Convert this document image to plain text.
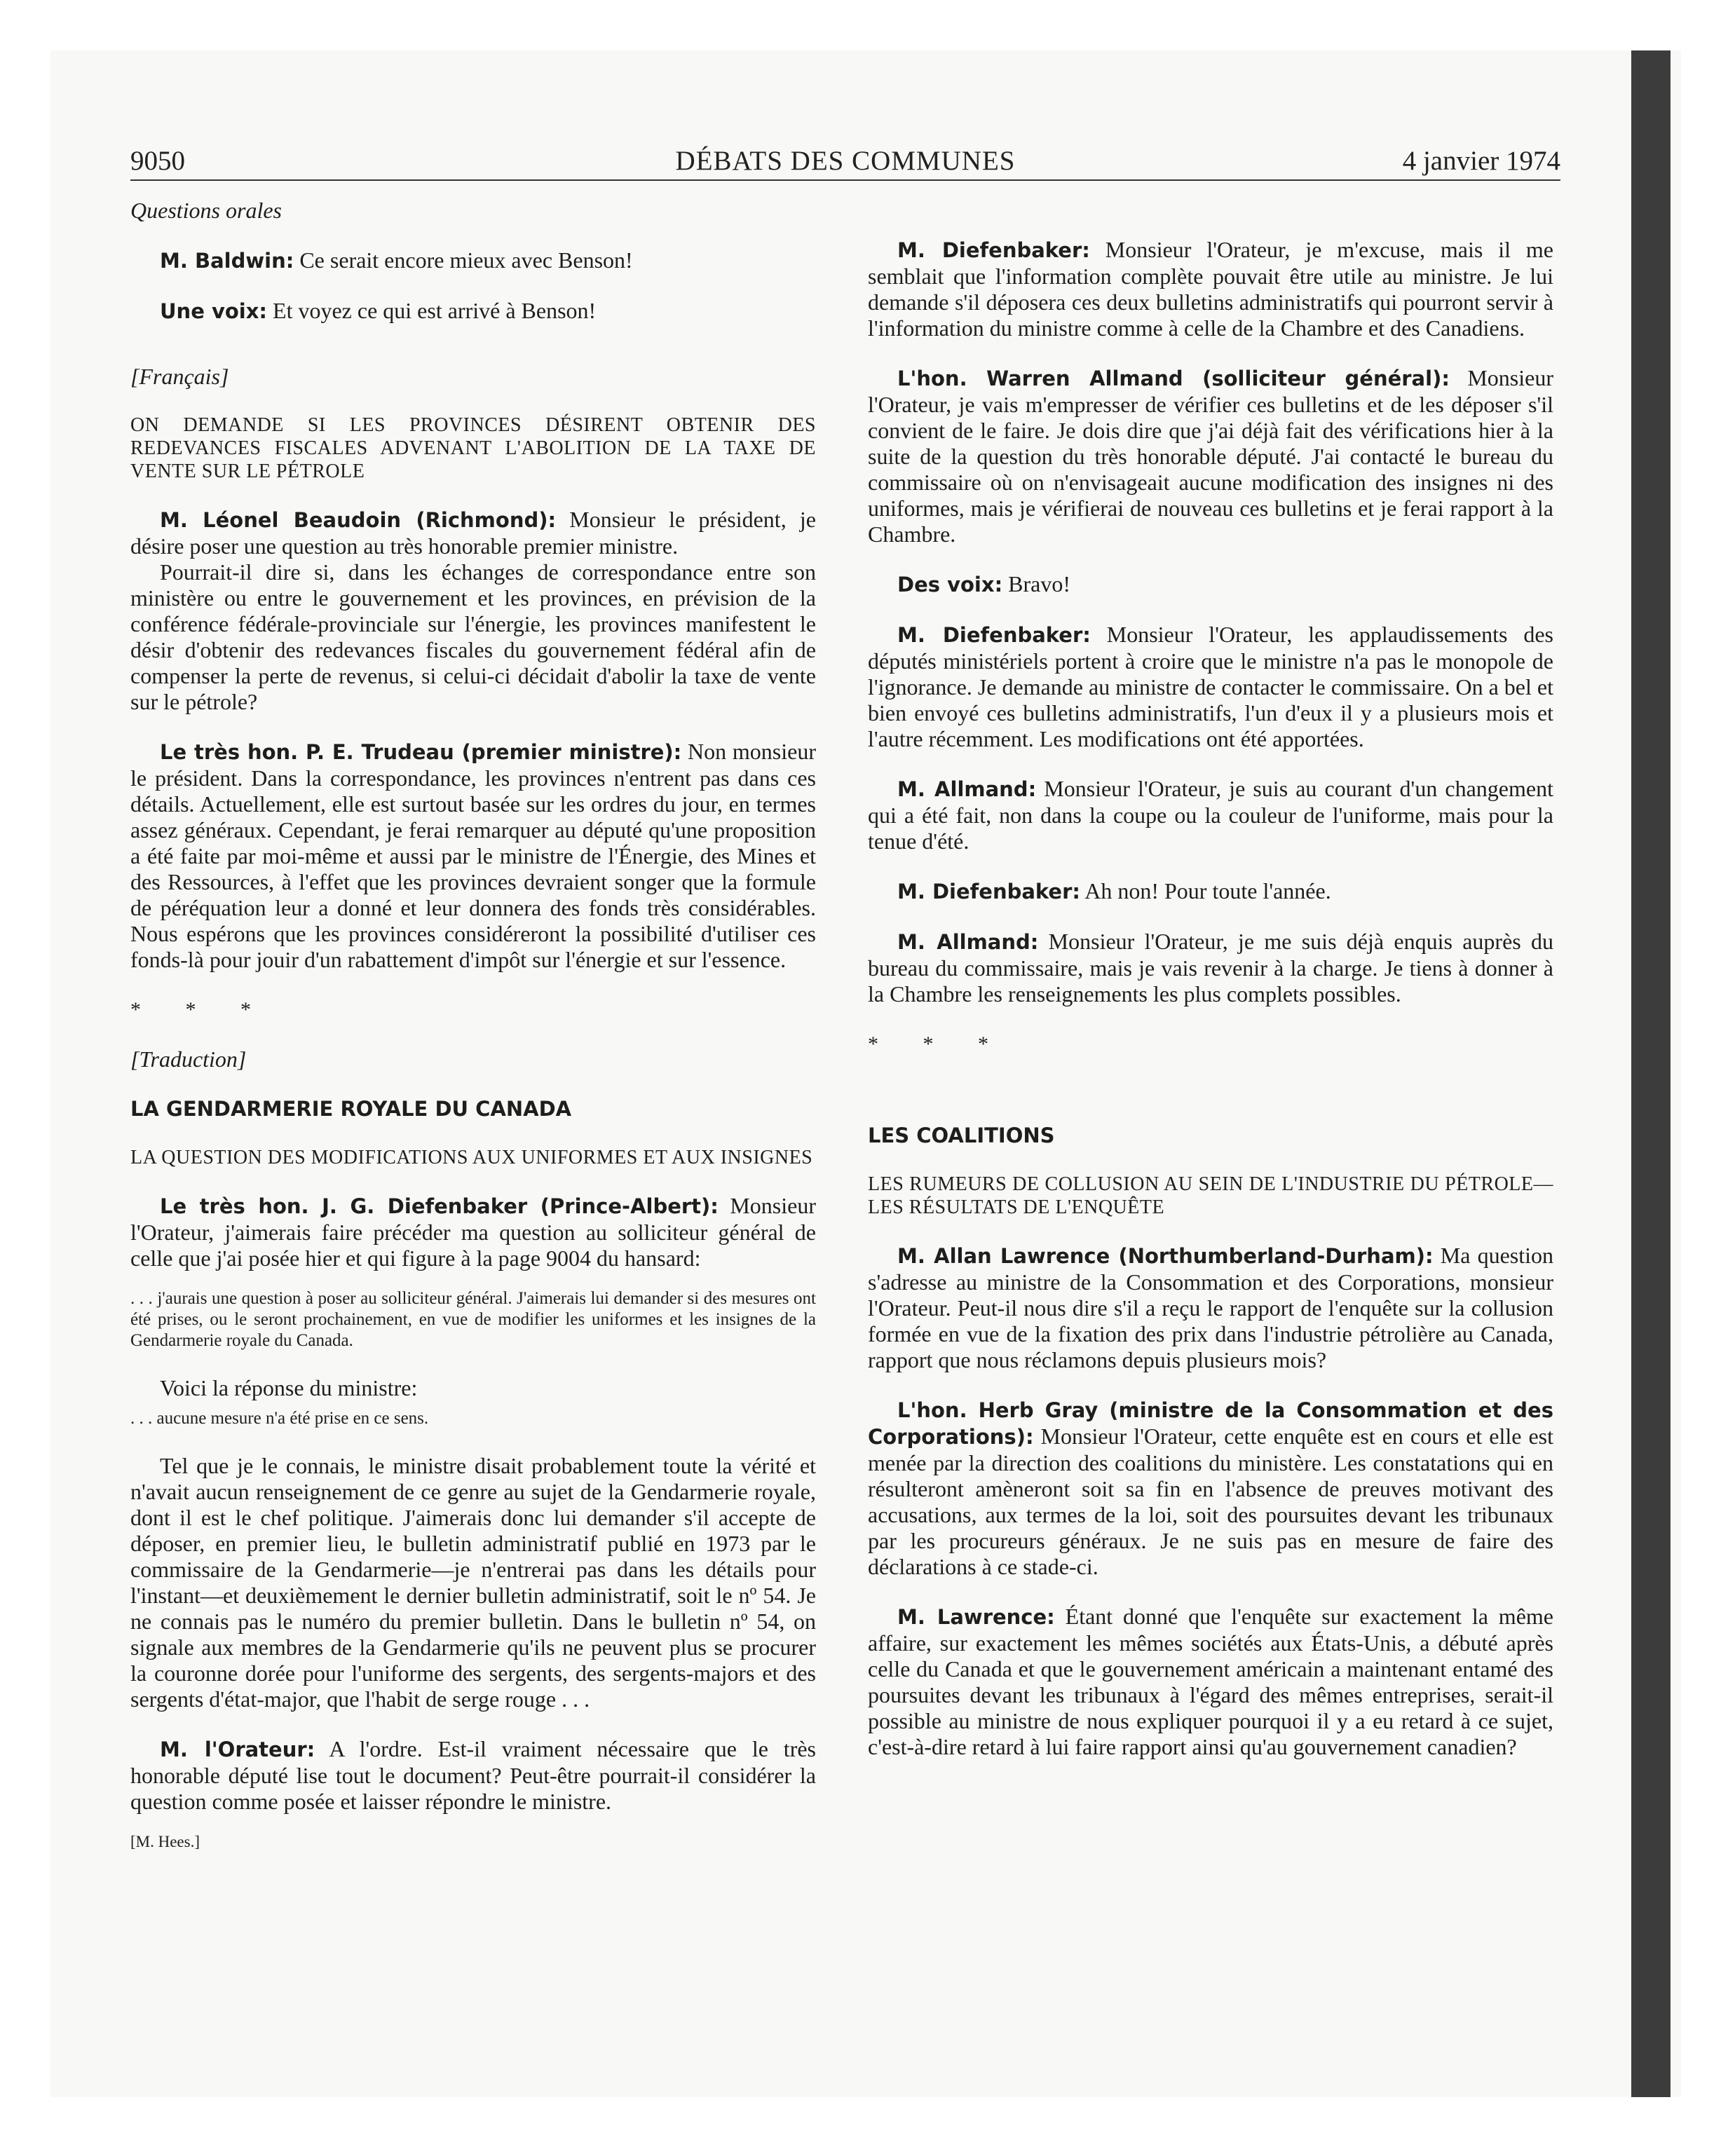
9050	DÉBATS DES COMMUNES	4 janvier 1974

Questions orales

M. Baldwin: Ce serait encore mieux avec Benson!

Une voix: Et voyez ce qui est arrivé à Benson!

[Français]

ON DEMANDE SI LES PROVINCES DÉSIRENT OBTENIR DES REDEVANCES FISCALES ADVENANT L'ABOLITION DE LA TAXE DE VENTE SUR LE PÉTROLE

M. Léonel Beaudoin (Richmond): Monsieur le président, je désire poser une question au très honorable premier ministre.

Pourrait-il dire si, dans les échanges de correspondance entre son ministère ou entre le gouvernement et les provinces, en prévision de la conférence fédérale-provinciale sur l'énergie, les provinces manifestent le désir d'obtenir des redevances fiscales du gouvernement fédéral afin de compenser la perte de revenus, si celui-ci décidait d'abolir la taxe de vente sur le pétrole?

Le très hon. P. E. Trudeau (premier ministre): Non monsieur le président. Dans la correspondance, les provinces n'entrent pas dans ces détails. Actuellement, elle est surtout basée sur les ordres du jour, en termes assez généraux. Cependant, je ferai remarquer au député qu'une proposition a été faite par moi-même et aussi par le ministre de l'Énergie, des Mines et des Ressources, à l'effet que les provinces devraient songer que la formule de péréquation leur a donné et leur donnera des fonds très considérables. Nous espérons que les provinces considéreront la possibilité d'utiliser ces fonds-là pour jouir d'un rabattement d'impôt sur l'énergie et sur l'essence.

* * *

[Traduction]

LA GENDARMERIE ROYALE DU CANADA

LA QUESTION DES MODIFICATIONS AUX UNIFORMES ET AUX INSIGNES

Le très hon. J. G. Diefenbaker (Prince-Albert): Monsieur l'Orateur, j'aimerais faire précéder ma question au solliciteur général de celle que j'ai posée hier et qui figure à la page 9004 du hansard:

. . . j'aurais une question à poser au solliciteur général. J'aimerais lui demander si des mesures ont été prises, ou le seront prochainement, en vue de modifier les uniformes et les insignes de la Gendarmerie royale du Canada.

Voici la réponse du ministre:

. . . aucune mesure n'a été prise en ce sens.

Tel que je le connais, le ministre disait probablement toute la vérité et n'avait aucun renseignement de ce genre au sujet de la Gendarmerie royale, dont il est le chef politique. J'aimerais donc lui demander s'il accepte de déposer, en premier lieu, le bulletin administratif publié en 1973 par le commissaire de la Gendarmerie—je n'entrerai pas dans les détails pour l'instant—et deuxièmement le dernier bulletin administratif, soit le nº 54. Je ne connais pas le numéro du premier bulletin. Dans le bulletin nº 54, on signale aux membres de la Gendarmerie qu'ils ne peuvent plus se procurer la couronne dorée pour l'uniforme des sergents, des sergents-majors et des sergents d'état-major, que l'habit de serge rouge . . .

M. l'Orateur: A l'ordre. Est-il vraiment nécessaire que le très honorable député lise tout le document? Peut-être pourrait-il considérer la question comme posée et laisser répondre le ministre.

[M. Hees.]

M. Diefenbaker: Monsieur l'Orateur, je m'excuse, mais il me semblait que l'information complète pouvait être utile au ministre. Je lui demande s'il déposera ces deux bulletins administratifs qui pourront servir à l'information du ministre comme à celle de la Chambre et des Canadiens.

L'hon. Warren Allmand (solliciteur général): Monsieur l'Orateur, je vais m'empresser de vérifier ces bulletins et de les déposer s'il convient de le faire. Je dois dire que j'ai déjà fait des vérifications hier à la suite de la question du très honorable député. J'ai contacté le bureau du commissaire où on n'envisageait aucune modification des insignes ni des uniformes, mais je vérifierai de nouveau ces bulletins et je ferai rapport à la Chambre.

Des voix: Bravo!

M. Diefenbaker: Monsieur l'Orateur, les applaudissements des députés ministériels portent à croire que le ministre n'a pas le monopole de l'ignorance. Je demande au ministre de contacter le commissaire. On a bel et bien envoyé ces bulletins administratifs, l'un d'eux il y a plusieurs mois et l'autre récemment. Les modifications ont été apportées.

M. Allmand: Monsieur l'Orateur, je suis au courant d'un changement qui a été fait, non dans la coupe ou la couleur de l'uniforme, mais pour la tenue d'été.

M. Diefenbaker: Ah non! Pour toute l'année.

M. Allmand: Monsieur l'Orateur, je me suis déjà enquis auprès du bureau du commissaire, mais je vais revenir à la charge. Je tiens à donner à la Chambre les renseignements les plus complets possibles.

* * *

LES COALITIONS

LES RUMEURS DE COLLUSION AU SEIN DE L'INDUSTRIE DU PÉTROLE—LES RÉSULTATS DE L'ENQUÊTE

M. Allan Lawrence (Northumberland-Durham): Ma question s'adresse au ministre de la Consommation et des Corporations, monsieur l'Orateur. Peut-il nous dire s'il a reçu le rapport de l'enquête sur la collusion formée en vue de la fixation des prix dans l'industrie pétrolière au Canada, rapport que nous réclamons depuis plusieurs mois?

L'hon. Herb Gray (ministre de la Consommation et des Corporations): Monsieur l'Orateur, cette enquête est en cours et elle est menée par la direction des coalitions du ministère. Les constatations qui en résulteront amèneront soit sa fin en l'absence de preuves motivant des accusations, aux termes de la loi, soit des poursuites devant les tribunaux par les procureurs généraux. Je ne suis pas en mesure de faire des déclarations à ce stade-ci.

M. Lawrence: Étant donné que l'enquête sur exactement la même affaire, sur exactement les mêmes sociétés aux États-Unis, a débuté après celle du Canada et que le gouvernement américain a maintenant entamé des poursuites devant les tribunaux à l'égard des mêmes entreprises, serait-il possible au ministre de nous expliquer pourquoi il y a eu retard à ce sujet, c'est-à-dire retard à lui faire rapport ainsi qu'au gouvernement canadien?
